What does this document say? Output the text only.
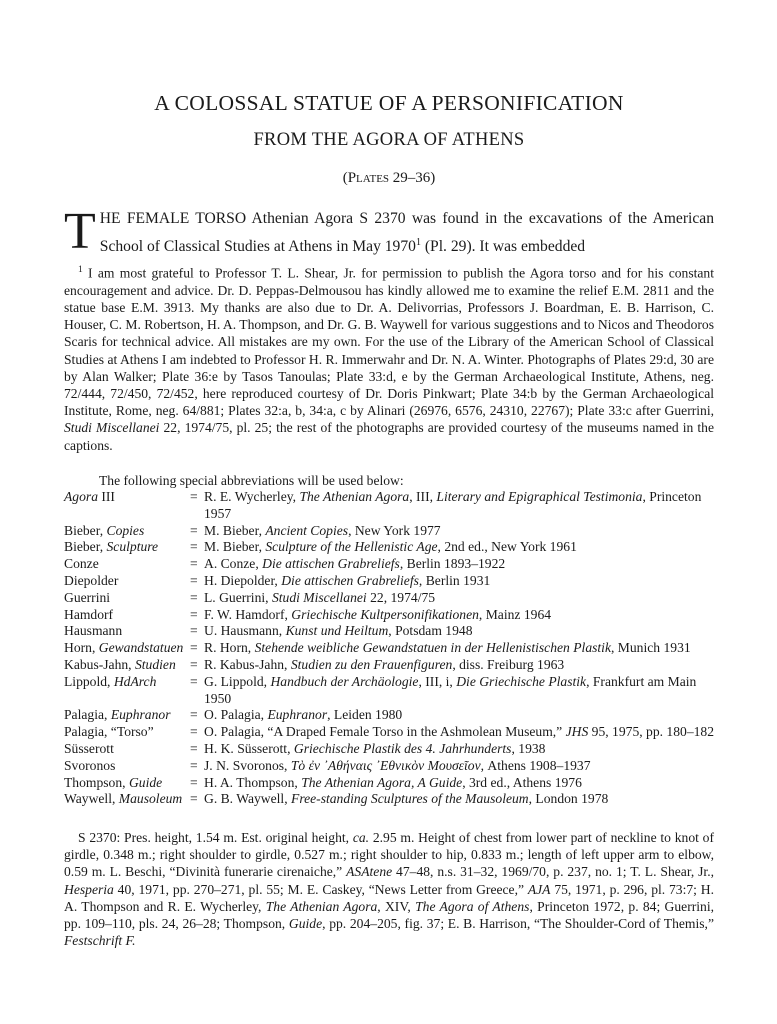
A COLOSSAL STATUE OF A PERSONIFICATION
FROM THE AGORA OF ATHENS
(Plates 29–36)
THE FEMALE TORSO Athenian Agora S 2370 was found in the excavations of the American School of Classical Studies at Athens in May 1970$^1$ (Pl. 29). It was embedded

$^1$ I am most grateful to Professor T. L. Shear, Jr. for permission to publish the Agora torso and for his constant encouragement and advice. Dr. D. Peppas-Delmousou has kindly allowed me to examine the relief E.M. 2811 and the statue base E.M. 3913. My thanks are also due to Dr. A. Delivorrias, Professors J. Boardman, E. B. Harrison, C. Houser, C. M. Robertson, H. A. Thompson, and Dr. G. B. Waywell for various suggestions and to Nicos and Theodoros Scaris for technical advice. All mistakes are my own. For the use of the Library of the American School of Classical Studies at Athens I am indebted to Professor H. R. Immerwahr and Dr. N. A. Winter. Photographs of Plates 29:d, 30 are by Alan Walker; Plate 36:e by Tasos Tanoulas; Plate 33:d, e by the German Archaeological Institute, Athens, neg. 72/444, 72/450, 72/452, here reproduced courtesy of Dr. Doris Pinkwart; Plate 34:b by the German Archaeological Institute, Rome, neg. 64/881; Plates 32:a, b, 34:a, c by Alinari (26976, 6576, 24310, 22767); Plate 33:c after Guerrini, Studi Miscellanei 22, 1974/75, pl. 25; the rest of the photographs are provided courtesy of the museums named in the captions.

The following special abbreviations will be used below:
Agora III	=	R. E. Wycherley, The Athenian Agora, III, Literary and Epigraphical Testimonia, Princeton 1957
Bieber, Copies	=	M. Bieber, Ancient Copies, New York 1977
Bieber, Sculpture	=	M. Bieber, Sculpture of the Hellenistic Age, 2nd ed., New York 1961
Conze	=	A. Conze, Die attischen Grabreliefs, Berlin 1893–1922
Diepolder	=	H. Diepolder, Die attischen Grabreliefs, Berlin 1931
Guerrini	=	L. Guerrini, Studi Miscellanei 22, 1974/75
Hamdorf	=	F. W. Hamdorf, Griechische Kultpersonifikationen, Mainz 1964
Hausmann	=	U. Hausmann, Kunst und Heiltum, Potsdam 1948
Horn, Gewandstatuen	=	R. Horn, Stehende weibliche Gewandstatuen in der Hellenistischen Plastik, Munich 1931
Kabus-Jahn, Studien	=	R. Kabus-Jahn, Studien zu den Frauenfiguren, diss. Freiburg 1963
Lippold, HdArch	=	G. Lippold, Handbuch der Archäologie, III, i, Die Griechische Plastik, Frankfurt am Main 1950
Palagia, Euphranor	=	O. Palagia, Euphranor, Leiden 1980
Palagia, “Torso”	=	O. Palagia, “A Draped Female Torso in the Ashmolean Museum,” JHS 95, 1975, pp. 180–182
Süsserott	=	H. K. Süsserott, Griechische Plastik des 4. Jahrhunderts, 1938
Svoronos	=	J. N. Svoronos, Τὸ ἐν ᾿Αθήναις ᾿Εθνικὸν Μουσεῖον, Athens 1908–1937
Thompson, Guide	=	H. A. Thompson, The Athenian Agora, A Guide, 3rd ed., Athens 1976
Waywell, Mausoleum	=	G. B. Waywell, Free-standing Sculptures of the Mausoleum, London 1978

S 2370: Pres. height, 1.54 m. Est. original height, ca. 2.95 m. Height of chest from lower part of neckline to knot of girdle, 0.348 m.; right shoulder to girdle, 0.527 m.; right shoulder to hip, 0.833 m.; length of left upper arm to elbow, 0.59 m. L. Beschi, “Divinità funerarie cirenaiche,” ASAtene 47–48, n.s. 31–32, 1969/70, p. 237, no. 1; T. L. Shear, Jr., Hesperia 40, 1971, pp. 270–271, pl. 55; M. E. Caskey, “News Letter from Greece,” AJA 75, 1971, p. 296, pl. 73:7; H. A. Thompson and R. E. Wycherley, The Athenian Agora, XIV, The Agora of Athens, Princeton 1972, p. 84; Guerrini, pp. 109–110, pls. 24, 26–28; Thompson, Guide, pp. 204–205, fig. 37; E. B. Harrison, “The Shoulder-Cord of Themis,” Festschrift F.
